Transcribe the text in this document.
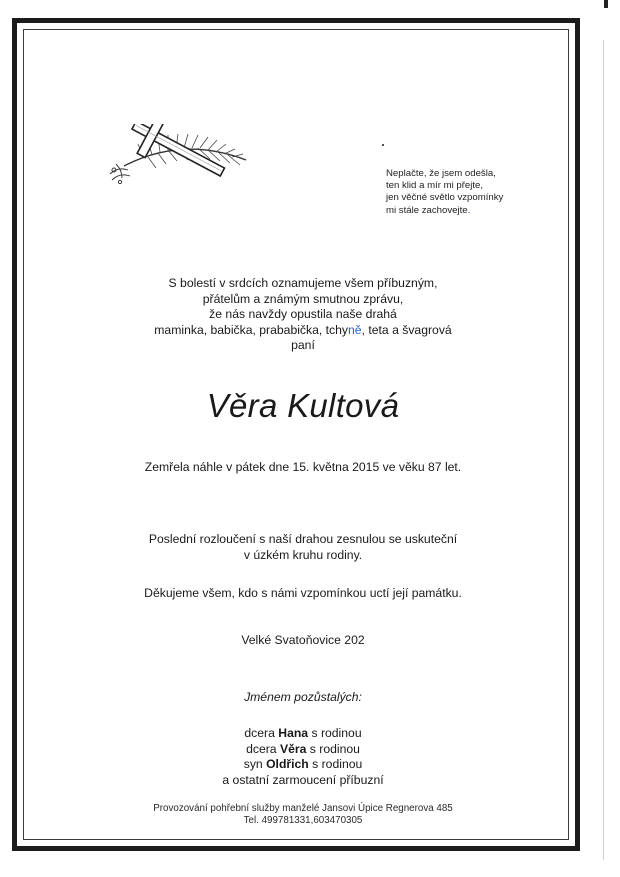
Neplačte, že jsem odešla,
ten klid a mír mi přejte,
jen věčné světlo vzpomínky
mi stále zachovejte.
S bolestí v srdcích oznamujeme všem příbuzným,
přátelům a známým smutnou zprávu,
že nás navždy opustila naše drahá
maminka, babička, prababička, tchyně, teta a švagrová
paní
Věra Kultová
Zemřela náhle v pátek dne 15. května 2015 ve věku 87 let.
Poslední rozloučení s naší drahou zesnulou se uskuteční
v úzkém kruhu rodiny.
Děkujeme všem, kdo s námi vzpomínkou uctí její památku.
Velké Svatoňovice 202
Jménem pozůstalých:
dcera Hana s rodinou
dcera Věra s rodinou
syn Oldřich s rodinou
a ostatní zarmoucení příbuzní
Provozování pohřební služby manželé Jansovi Úpice Regnerova 485
Tel. 499781331,603470305
